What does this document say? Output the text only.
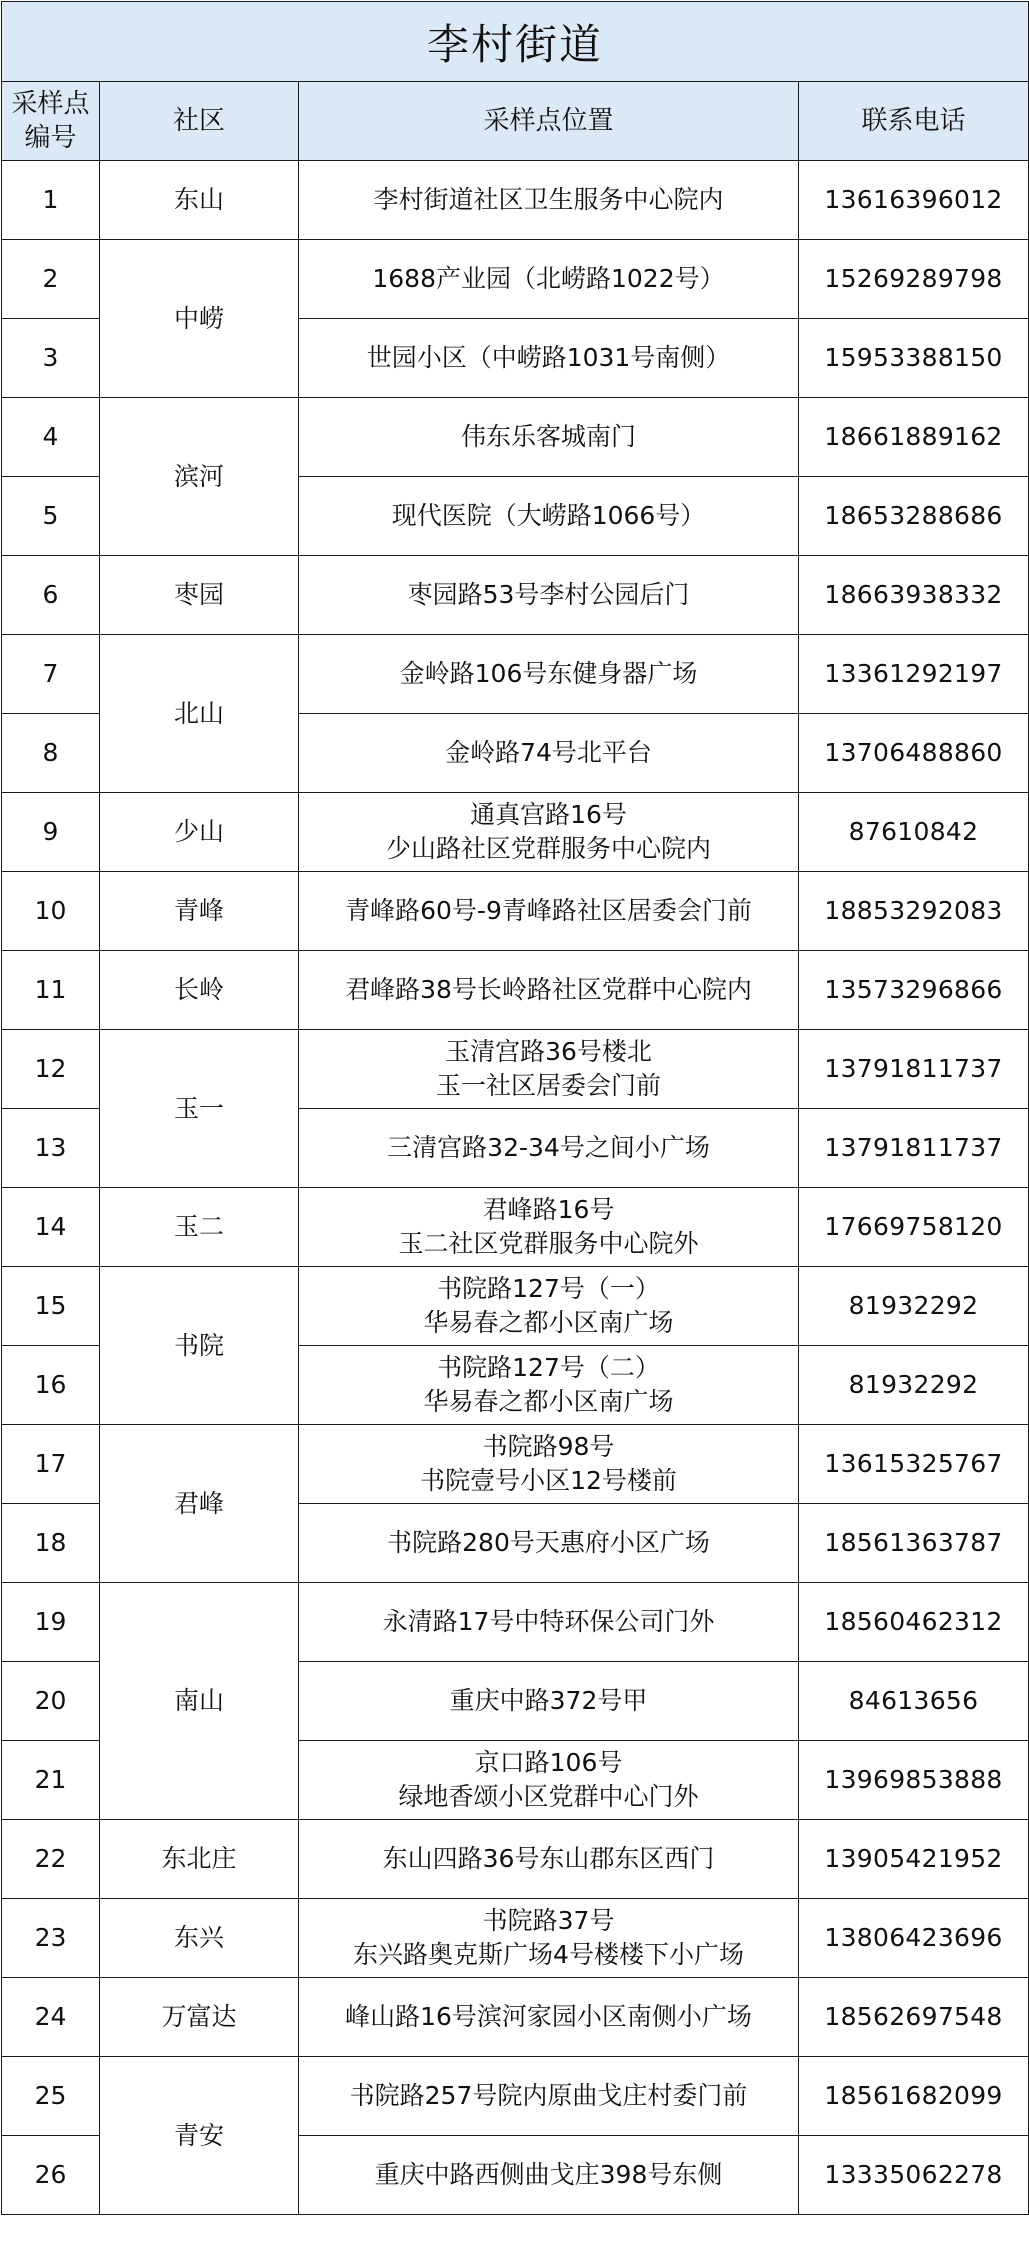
李村街道			

采样点
编号	社区	采样点位置	联系电话
1	东山	李村街道社区卫生服务中心院内	13616396012
2	中崂	1688产业园（北崂路1022号）	15269289798
3		世园小区（中崂路1031号南侧）	15953388150
4	滨河	伟东乐客城南门	18661889162
5		现代医院（大崂路1066号）	18653288686
6	枣园	枣园路53号李村公园后门	18663938332
7	北山	金岭路106号东健身器广场	13361292197
8		金岭路74号北平台	13706488860
9	少山	通真宫路16号
少山路社区党群服务中心院内	87610842
10	青峰	青峰路60号-9青峰路社区居委会门前	18853292083
11	长岭	君峰路38号长岭路社区党群中心院内	13573296866
12	玉一	玉清宫路36号楼北
玉一社区居委会门前	13791811737
13		三清宫路32-34号之间小广场	13791811737
14	玉二	君峰路16号
玉二社区党群服务中心院外	17669758120
15	书院	书院路127号（一）
华易春之都小区南广场	81932292
16		书院路127号（二）
华易春之都小区南广场	81932292
17	君峰	书院路98号
书院壹号小区12号楼前	13615325767
18		书院路280号天惠府小区广场	18561363787
19	南山	永清路17号中特环保公司门外	18560462312
20		重庆中路372号甲	84613656
21		京口路106号
绿地香颂小区党群中心门外	13969853888
22	东北庄	东山四路36号东山郡东区西门	13905421952
23	东兴	书院路37号
东兴路奥克斯广场4号楼楼下小广场	13806423696
24	万富达	峰山路16号滨河家园小区南侧小广场	18562697548
25	青安	书院路257号院内原曲戈庄村委门前	18561682099
26		重庆中路西侧曲戈庄398号东侧	13335062278
